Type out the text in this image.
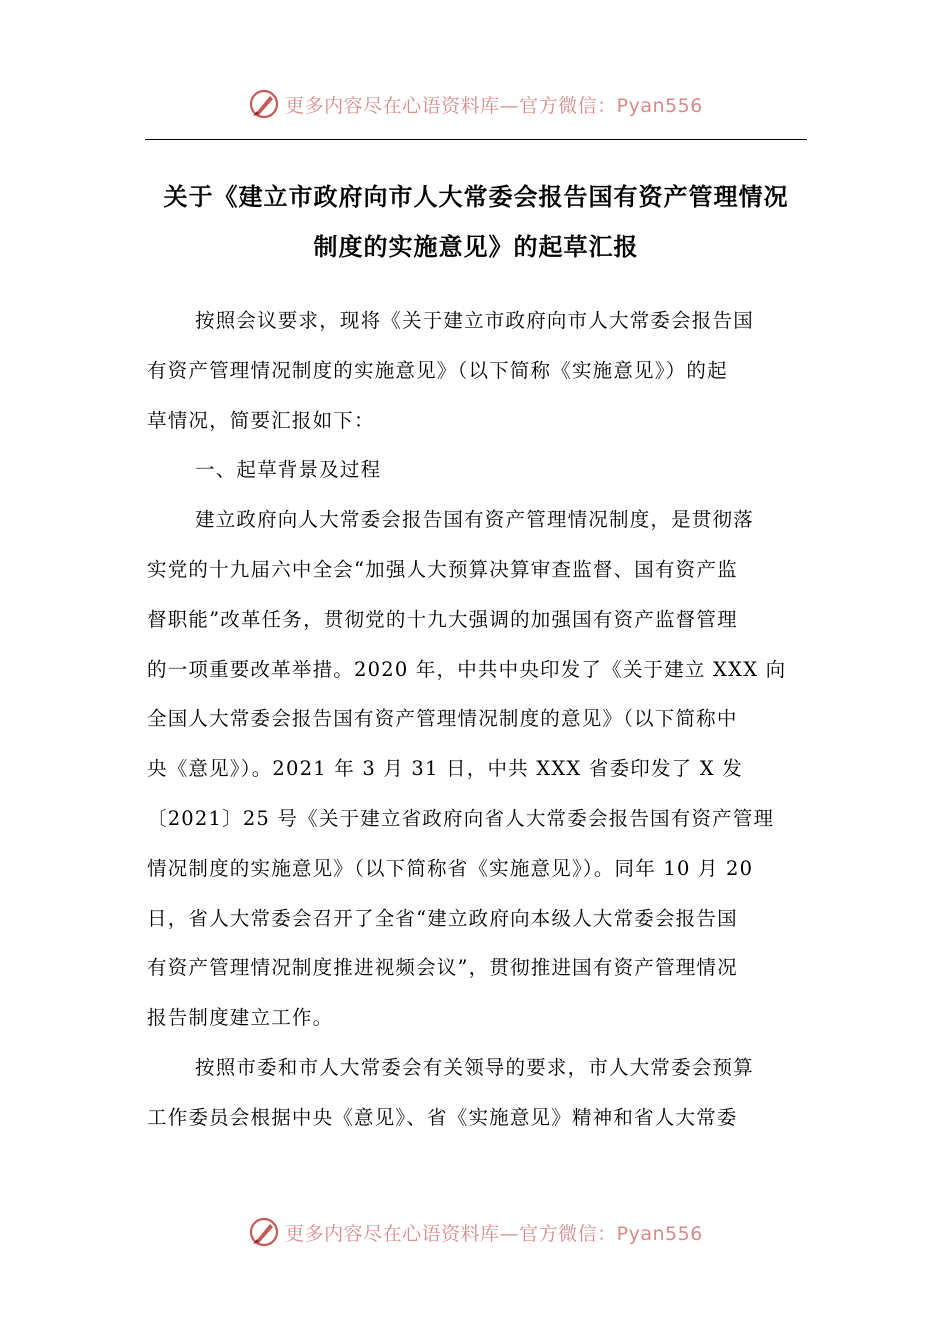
更多内容尽在心语资料库—官方微信：Pyan556
关于《建立市政府向市人大常委会报告国有资产管理情况
制度的实施意见》的起草汇报
按照会议要求，现将《关于建立市政府向市人大常委会报告国
有资产管理情况制度的实施意见》（以下简称《实施意见》）的起
草情况，简要汇报如下：
一、起草背景及过程
建立政府向人大常委会报告国有资产管理情况制度，是贯彻落
实党的十九届六中全会“加强人大预算决算审查监督、国有资产监
督职能”改革任务，贯彻党的十九大强调的加强国有资产监督管理
的一项重要改革举措。2020 年，中共中央印发了《关于建立 XXX 向
全国人大常委会报告国有资产管理情况制度的意见》（以下简称中
央《意见》）。2021 年 3 月 31 日，中共 XXX 省委印发了 X 发
〔2021〕25 号《关于建立省政府向省人大常委会报告国有资产管理
情况制度的实施意见》（以下简称省《实施意见》）。同年 10 月 20
日，省人大常委会召开了全省“建立政府向本级人大常委会报告国
有资产管理情况制度推进视频会议”，贯彻推进国有资产管理情况
报告制度建立工作。
按照市委和市人大常委会有关领导的要求，市人大常委会预算
工作委员会根据中央《意见》、省《实施意见》精神和省人大常委
更多内容尽在心语资料库—官方微信：Pyan556
